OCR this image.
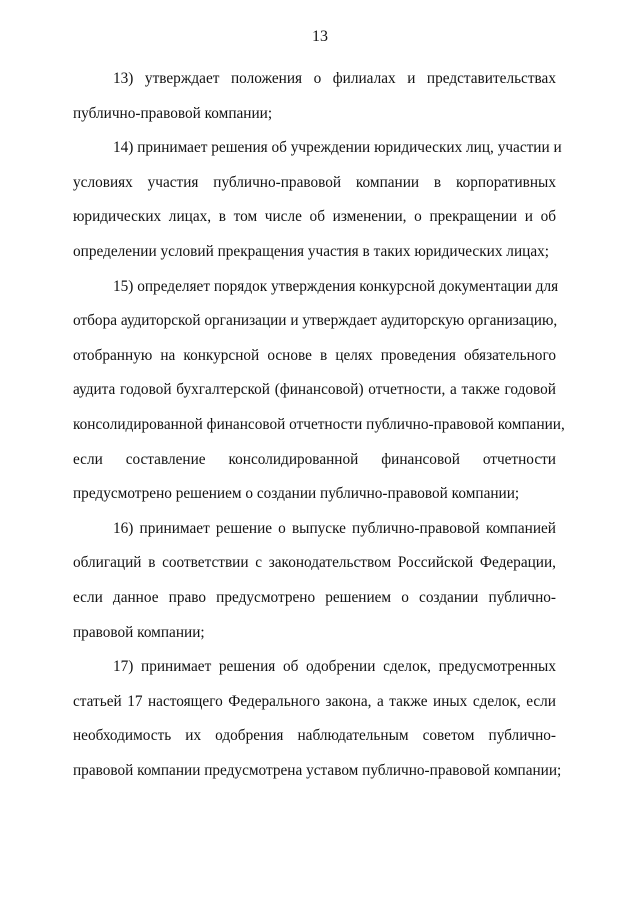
13

13) утверждает положения о филиалах и представительствах
публично-правовой компании;

14) принимает решения об учреждении юридических лиц, участии и
условиях участия публично-правовой компании в корпоративных
юридических лицах, в том числе об изменении, о прекращении и об
определении условий прекращения участия в таких юридических лицах;

15) определяет порядок утверждения конкурсной документации для
отбора аудиторской организации и утверждает аудиторскую организацию,
отобранную на конкурсной основе в целях проведения обязательного
аудита годовой бухгалтерской (финансовой) отчетности, а также годовой
консолидированной финансовой отчетности публично-правовой компании,
если составление консолидированной финансовой отчетности
предусмотрено решением о создании публично-правовой компании;

16) принимает решение о выпуске публично-правовой компанией
облигаций в соответствии с законодательством Российской Федерации,
если данное право предусмотрено решением о создании публично-
правовой компании;

17) принимает решения об одобрении сделок, предусмотренных
статьей 17 настоящего Федерального закона, а также иных сделок, если
необходимость их одобрения наблюдательным советом публично-
правовой компании предусмотрена уставом публично-правовой компании;
